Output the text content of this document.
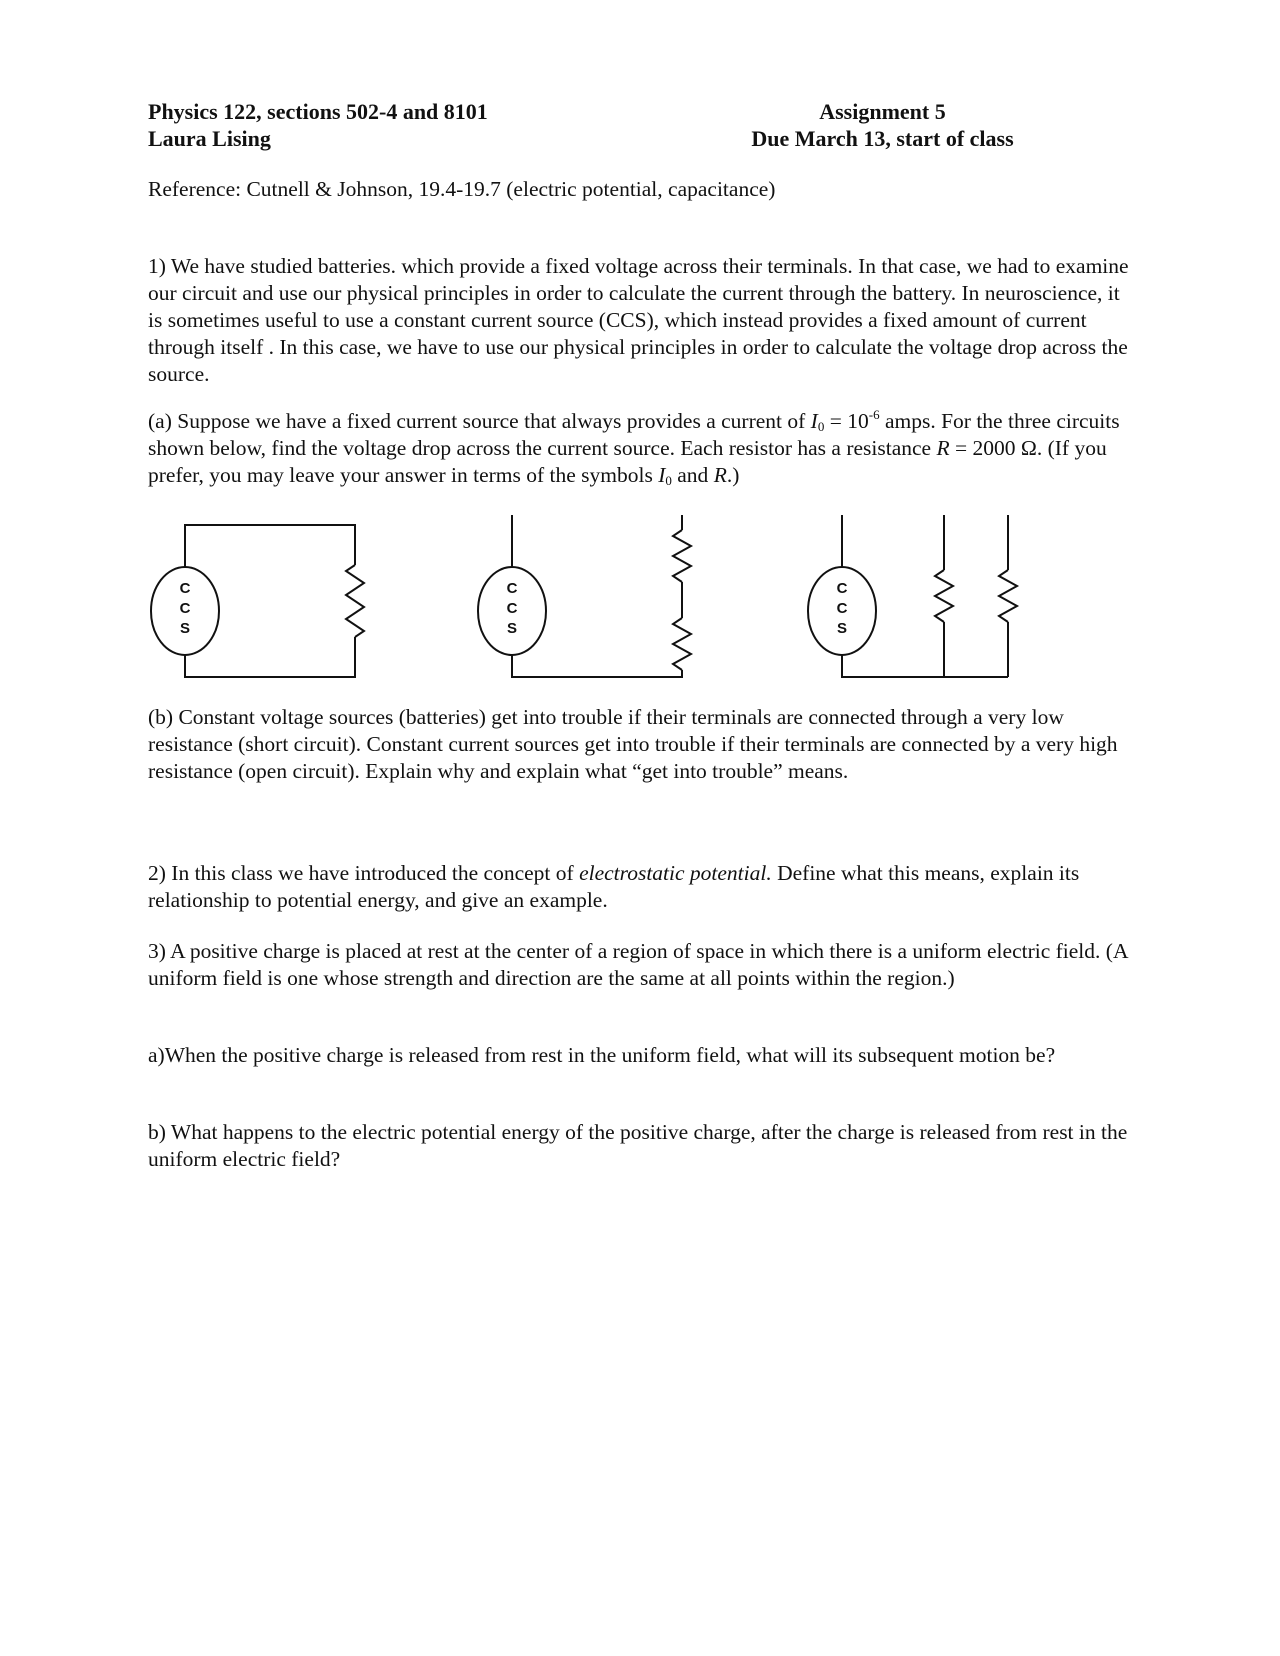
Physics 122, sections 502-4 and 8101
Laura Lising
Assignment 5
Due March 13, start of class

Reference: Cutnell & Johnson, 19.4-19.7 (electric potential, capacitance)

1) We have studied batteries. which provide a fixed voltage across their terminals. In that case, we had to examine our circuit and use our physical principles in order to calculate the current through the battery. In neuroscience, it is sometimes useful to use a constant current source (CCS), which instead provides a fixed amount of current through itself . In this case, we have to use our physical principles in order to calculate the voltage drop across the source.

(a) Suppose we have a fixed current source that always provides a current of $I_0 = 10^{-6}$ amps. For the three circuits shown below, find the voltage drop across the current source. Each resistor has a resistance R = 2000 Ω. (If you prefer, you may leave your answer in terms of the symbols $I_0$ and R.)

C
C
S
C
C
S
C
C
S

(b) Constant voltage sources (batteries) get into trouble if their terminals are connected through a very low resistance (short circuit). Constant current sources get into trouble if their terminals are connected by a very high resistance (open circuit). Explain why and explain what “get into trouble” means.

2) In this class we have introduced the concept of electrostatic potential. Define what this means, explain its relationship to potential energy, and give an example.

3) A positive charge is placed at rest at the center of a region of space in which there is a uniform electric field. (A uniform field is one whose strength and direction are the same at all points within the region.)

a)When the positive charge is released from rest in the uniform field, what will its subsequent motion be?

b) What happens to the electric potential energy of the positive charge, after the charge is released from rest in the uniform electric field?
